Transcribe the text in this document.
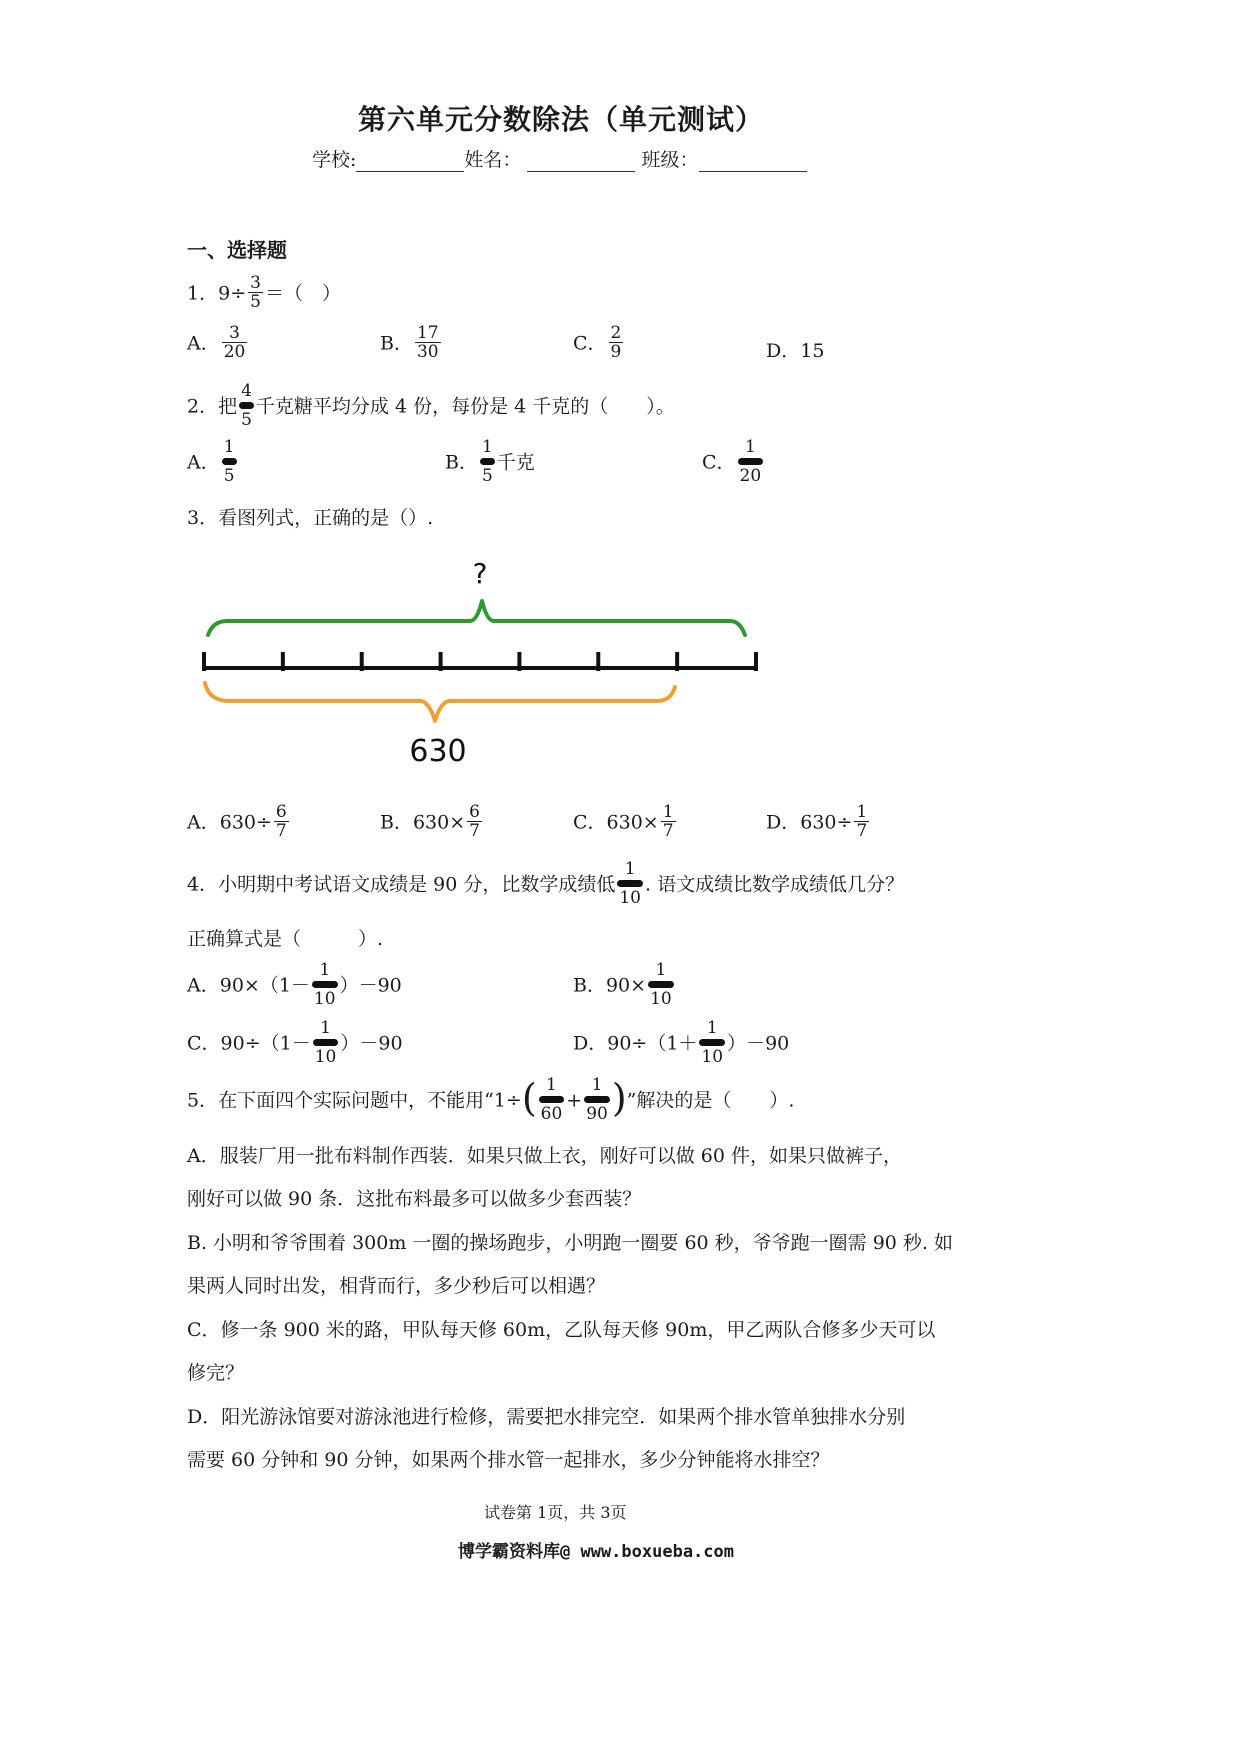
第六单元分数除法（单元测试）
学校:	姓名：	班级：
一、选择题
1．$9\div \frac{3}{5}$ ＝（　）
A． $\frac{3}{20}$	B． $\frac{17}{30}$	C． $\frac{2}{9}$	D．15
2．把
4
5
千克糖平均分成 4 份，每份是 4 千克的（　　）。
A．
1
5
B．
1
5
千克	C．
1
20
3．看图列式，正确的是（）.
?
630
A．$630\div \frac{6}{7}$	B．$630\times \frac{6}{7}$	C．$630\times \frac{1}{7}$	D．$630\div \frac{1}{7}$
4．小明期中考试语文成绩是 90 分，比数学成绩低
1
10
. 语文成绩比数学成绩低几分？
正确算式是（　　　）.
A．90×（1－
1
10
）－90	B．90×
1
10
C．90÷（1－
1
10
）－90	D．90÷（1＋
1
10
）－90
5．在下面四个实际问题中，不能用“1÷( 1
60
+
1
90 )”解决的是（　　）.
A．服装厂用一批布料制作西装．如果只做上衣，刚好可以做 60 件，如果只做裤子，
刚好可以做 90 条．这批布料最多可以做多少套西装？
B. 小明和爷爷围着 300m 一圈的操场跑步，小明跑一圈要 60 秒，爷爷跑一圈需 90 秒. 如
果两人同时出发，相背而行，多少秒后可以相遇？
C．修一条 900 米的路，甲队每天修 60m，乙队每天修 90m，甲乙两队合修多少天可以
修完？
D．阳光游泳馆要对游泳池进行检修，需要把水排完空．如果两个排水管单独排水分别
需要 60 分钟和 90 分钟，如果两个排水管一起排水，多少分钟能将水排空？
试卷第 1页，共 3页
博学霸资料库@ www.boxueba.com
